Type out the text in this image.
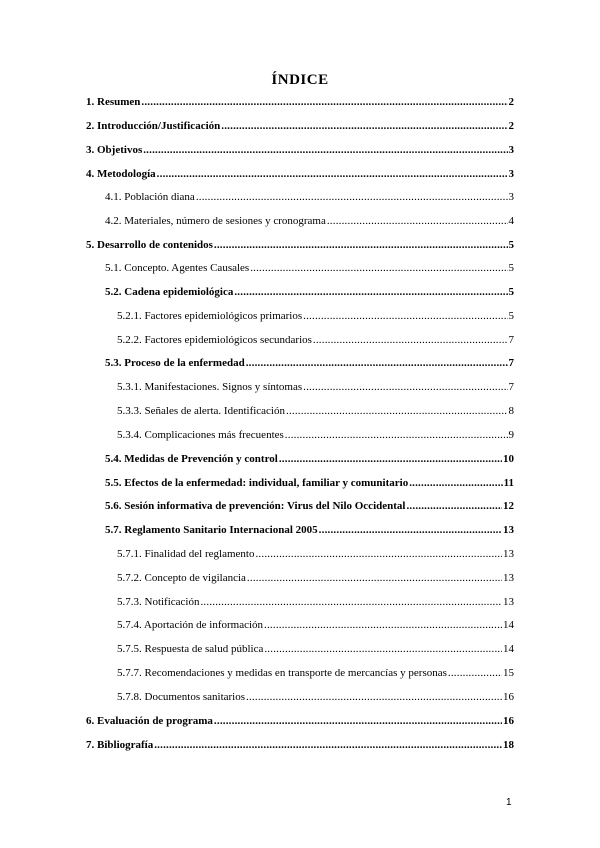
ÍNDICE
1. Resumen .....	2
2. Introducción/Justificación .....	2
3. Objetivos .....	3
4. Metodología .....	3
4.1. Población diana .....	3
4.2. Materiales, número de sesiones y cronograma .....	4
5. Desarrollo de contenidos .....	5
5.1. Concepto. Agentes Causales .....	5
5.2. Cadena epidemiológica .....	5
5.2.1. Factores epidemiológicos primarios .....	5
5.2.2. Factores epidemiológicos secundarios .....	7
5.3. Proceso de la enfermedad .....	7
5.3.1. Manifestaciones. Signos y síntomas .....	7
5.3.3. Señales de alerta. Identificación .....	8
5.3.4. Complicaciones más frecuentes .....	9
5.4. Medidas de Prevención y control .....	10
5.5. Efectos de la enfermedad: individual, familiar y comunitario .....	11
5.6. Sesión informativa de prevención: Virus del Nilo Occidental .....	12
5.7. Reglamento Sanitario Internacional 2005 .....	13
5.7.1. Finalidad del reglamento .....	13
5.7.2. Concepto de vigilancia .....	13
5.7.3. Notificación .....	13
5.7.4. Aportación de información .....	14
5.7.5. Respuesta de salud pública .....	14
5.7.7. Recomendaciones y medidas en transporte de mercancías y personas .....	15
5.7.8. Documentos sanitarios .....	16
6. Evaluación de programa .....	16
7. Bibliografía .....	18
1
